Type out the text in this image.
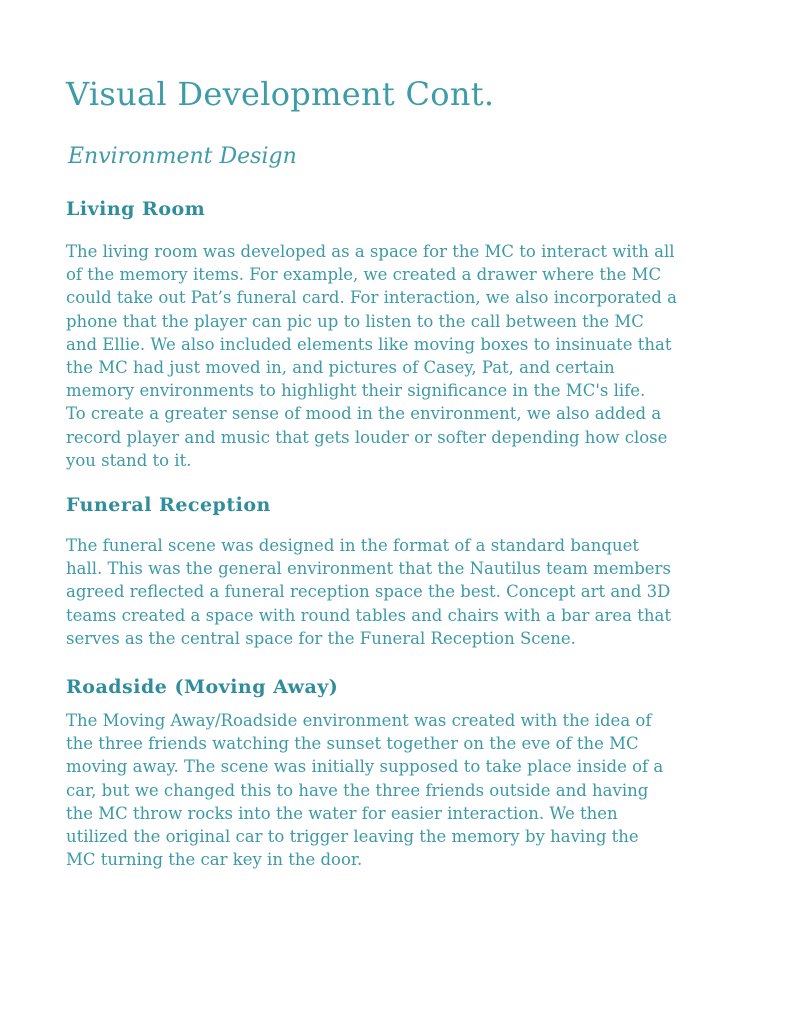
Visual Development Cont.
Environment Design
Living Room
The living room was developed as a space for the MC to interact with all
of the memory items. For example, we created a drawer where the MC
could take out Pat’s funeral card. For interaction, we also incorporated a
phone that the player can pic up to listen to the call between the MC
and Ellie. We also included elements like moving boxes to insinuate that
the MC had just moved in, and pictures of Casey, Pat, and certain
memory environments to highlight their significance in the MC's life.
To create a greater sense of mood in the environment, we also added a
record player and music that gets louder or softer depending how close
you stand to it.
Funeral Reception
The funeral scene was designed in the format of a standard banquet
hall. This was the general environment that the Nautilus team members
agreed reflected a funeral reception space the best. Concept art and 3D
teams created a space with round tables and chairs with a bar area that
serves as the central space for the Funeral Reception Scene.
Roadside (Moving Away)
The Moving Away/Roadside environment was created with the idea of
the three friends watching the sunset together on the eve of the MC
moving away. The scene was initially supposed to take place inside of a
car, but we changed this to have the three friends outside and having
the MC throw rocks into the water for easier interaction. We then
utilized the original car to trigger leaving the memory by having the
MC turning the car key in the door.
